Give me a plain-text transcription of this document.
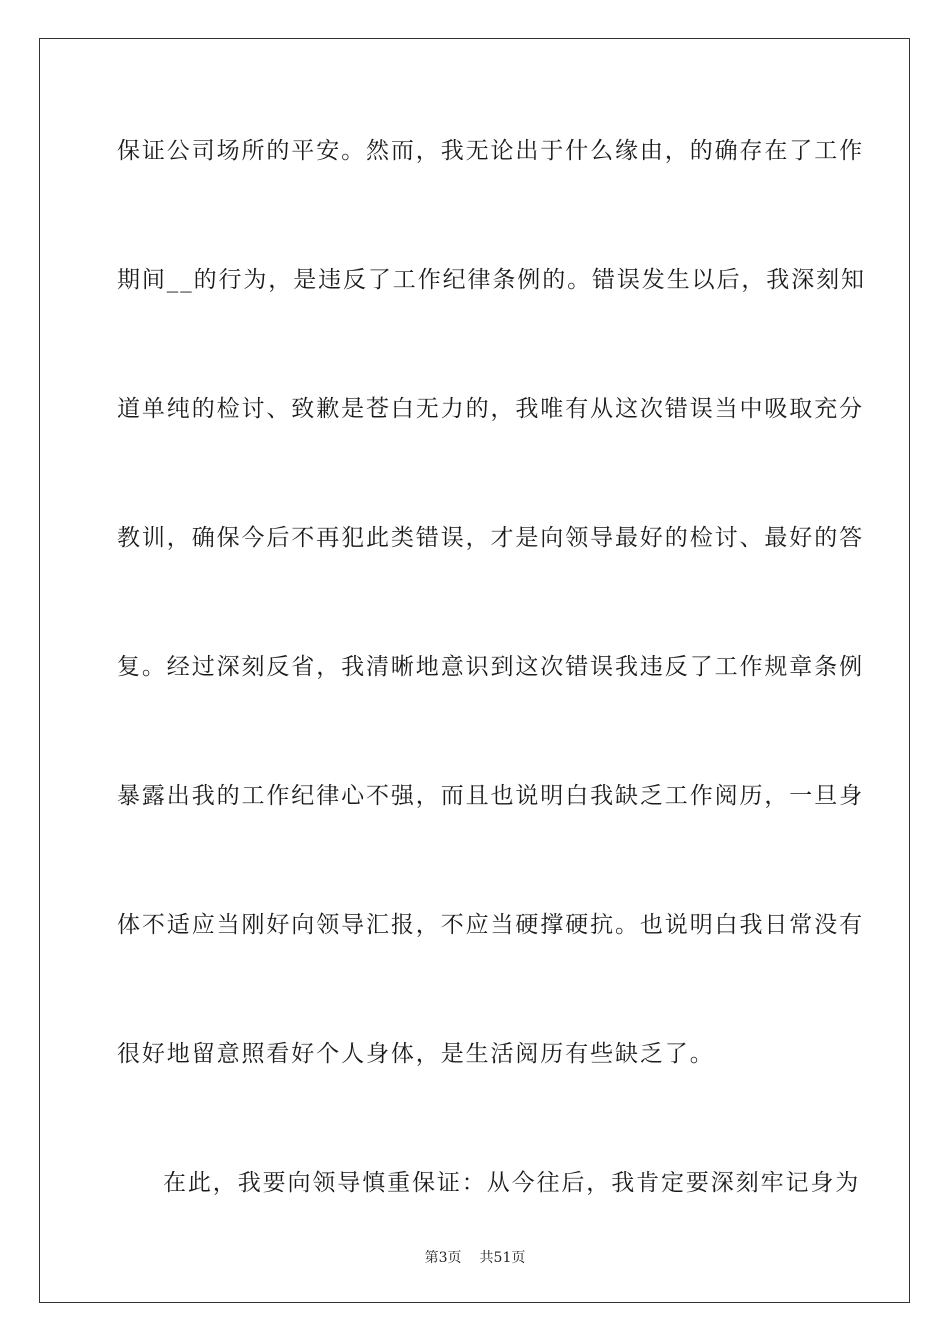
保证公司场所的平安。然而，我无论出于什么缘由，的确存在了工作
期间__的行为，是违反了工作纪律条例的。错误发生以后，我深刻知
道单纯的检讨、致歉是苍白无力的，我唯有从这次错误当中吸取充分
教训，确保今后不再犯此类错误，才是向领导最好的检讨、最好的答
复。经过深刻反省，我清晰地意识到这次错误我违反了工作规章条例
暴露出我的工作纪律心不强，而且也说明白我缺乏工作阅历，一旦身
体不适应当刚好向领导汇报，不应当硬撑硬抗。也说明白我日常没有
很好地留意照看好个人身体，是生活阅历有些缺乏了。
在此，我要向领导慎重保证：从今往后，我肯定要深刻牢记身为
第3页 共51页
